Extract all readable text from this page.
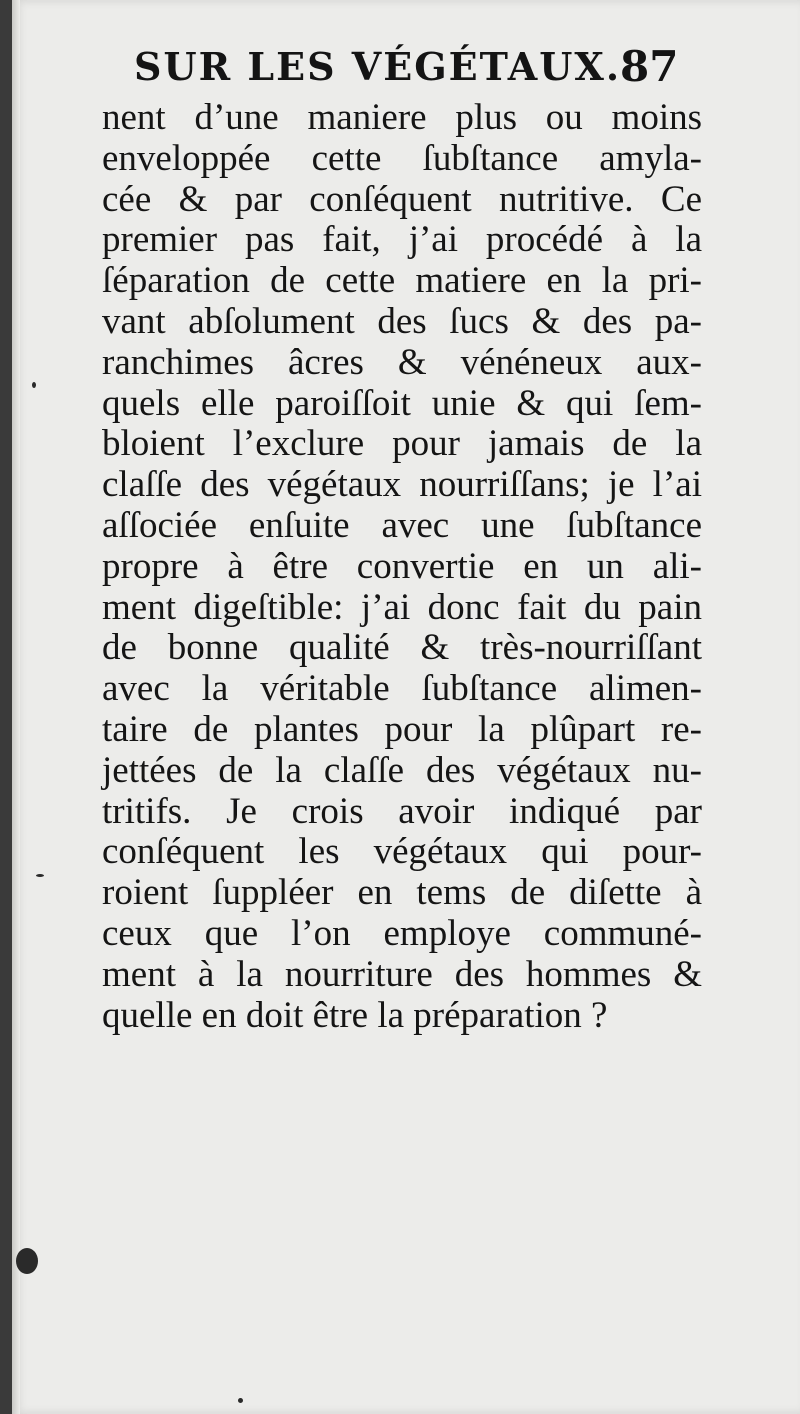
SUR LES VÉGÉTAUX.
87
nent d’une maniere plus ou moins
enveloppée cette ſubſtance amyla-
cée & par conſéquent nutritive. Ce
premier pas fait, j’ai procédé à la
ſéparation de cette matiere en la pri-
vant abſolument des ſucs & des pa-
ranchimes âcres & vénéneux aux-
quels elle paroiſſoit unie & qui ſem-
bloient l’exclure pour jamais de la
claſſe des végétaux nourriſſans; je l’ai
aſſociée enſuite avec une ſubſtance
propre à être convertie en un ali-
ment digeſtible: j’ai donc fait du pain
de bonne qualité & très-nourriſſant
avec la véritable ſubſtance alimen-
taire de plantes pour la plûpart re-
jettées de la claſſe des végétaux nu-
tritifs. Je crois avoir indiqué par
conſéquent les végétaux qui pour-
roient ſuppléer en tems de diſette à
ceux que l’on employe communé-
ment à la nourriture des hommes &
quelle en doit être la préparation ?
